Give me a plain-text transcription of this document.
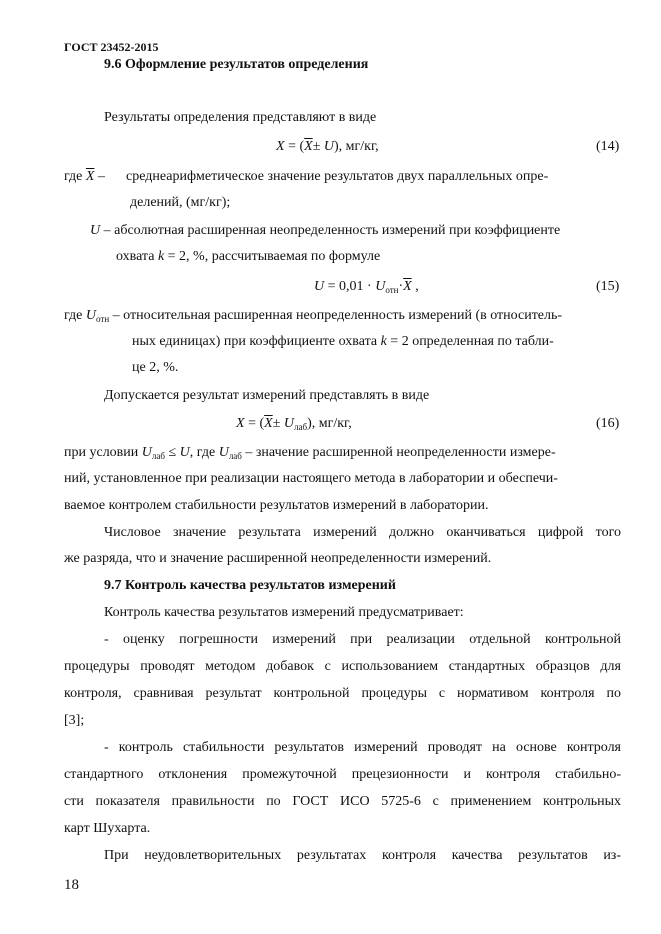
ГОСТ 23452-2015
9.6 Оформление результатов определения
Результаты определения представляют в виде
$X = (\overline{X}\pm U)$, мг/кг,	(14)
где $\overline{X}$ – среднеарифметическое значение результатов двух параллельных опре-
делений, (мг/кг);
U – абсолютная расширенная неопределенность измерений при коэффициенте
охвата k = 2, %, рассчитываемая по формуле
$U = 0,01 \cdot U_{отн}\cdot\overline{X}$ ,	(15)
где $U_{отн}$ – относительная расширенная неопределенность измерений (в относитель-
ных единицах) при коэффициенте охвата k = 2 определенная по табли-
це 2, %.
Допускается результат измерений представлять в виде
$X = (\overline{X}\pm U_{лаб})$, мг/кг,	(16)
при условии $U_{лаб} \le U$, где $U_{лаб}$ – значение расширенной неопределенности измере-
ний, установленное при реализации настоящего метода в лаборатории и обеспечи-
ваемое контролем стабильности результатов измерений в лаборатории.
Числовое значение результата измерений должно оканчиваться цифрой того
же разряда, что и значение расширенной неопределенности измерений.
9.7 Контроль качества результатов измерений
Контроль качества результатов измерений предусматривает:
- оценку погрешности измерений при реализации отдельной контрольной
процедуры проводят методом добавок с использованием стандартных образцов для
контроля, сравнивая результат контрольной процедуры с нормативом контроля по
[3];
- контроль стабильности результатов измерений проводят на основе контроля
стандартного отклонения промежуточной прецезионности и контроля стабильно-
сти показателя правильности по ГОСТ ИСО 5725-6 с применением контрольных
карт Шухарта.
При неудовлетворительных результатах контроля качества результатов из-
18
